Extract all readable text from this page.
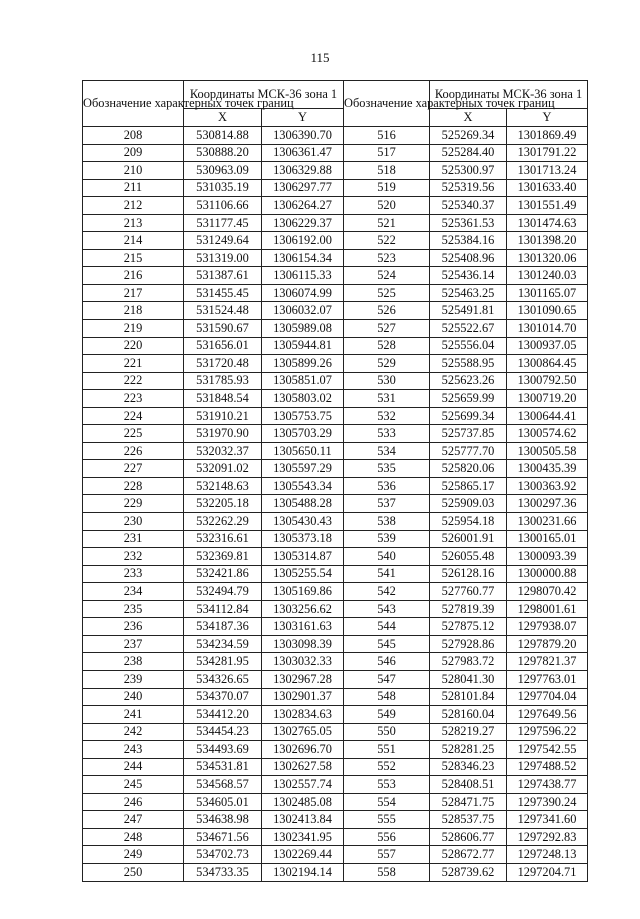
115
Обозначение характерных точек границ	Координаты МСК-36 зона 1		Обозначение характерных точек границ	Координаты МСК-36 зона 1	
	X	Y		X	Y
208	530814.88	1306390.70	516	525269.34	1301869.49
209	530888.20	1306361.47	517	525284.40	1301791.22
210	530963.09	1306329.88	518	525300.97	1301713.24
211	531035.19	1306297.77	519	525319.56	1301633.40
212	531106.66	1306264.27	520	525340.37	1301551.49
213	531177.45	1306229.37	521	525361.53	1301474.63
214	531249.64	1306192.00	522	525384.16	1301398.20
215	531319.00	1306154.34	523	525408.96	1301320.06
216	531387.61	1306115.33	524	525436.14	1301240.03
217	531455.45	1306074.99	525	525463.25	1301165.07
218	531524.48	1306032.07	526	525491.81	1301090.65
219	531590.67	1305989.08	527	525522.67	1301014.70
220	531656.01	1305944.81	528	525556.04	1300937.05
221	531720.48	1305899.26	529	525588.95	1300864.45
222	531785.93	1305851.07	530	525623.26	1300792.50
223	531848.54	1305803.02	531	525659.99	1300719.20
224	531910.21	1305753.75	532	525699.34	1300644.41
225	531970.90	1305703.29	533	525737.85	1300574.62
226	532032.37	1305650.11	534	525777.70	1300505.58
227	532091.02	1305597.29	535	525820.06	1300435.39
228	532148.63	1305543.34	536	525865.17	1300363.92
229	532205.18	1305488.28	537	525909.03	1300297.36
230	532262.29	1305430.43	538	525954.18	1300231.66
231	532316.61	1305373.18	539	526001.91	1300165.01
232	532369.81	1305314.87	540	526055.48	1300093.39
233	532421.86	1305255.54	541	526128.16	1300000.88
234	532494.79	1305169.86	542	527760.77	1298070.42
235	534112.84	1303256.62	543	527819.39	1298001.61
236	534187.36	1303161.63	544	527875.12	1297938.07
237	534234.59	1303098.39	545	527928.86	1297879.20
238	534281.95	1303032.33	546	527983.72	1297821.37
239	534326.65	1302967.28	547	528041.30	1297763.01
240	534370.07	1302901.37	548	528101.84	1297704.04
241	534412.20	1302834.63	549	528160.04	1297649.56
242	534454.23	1302765.05	550	528219.27	1297596.22
243	534493.69	1302696.70	551	528281.25	1297542.55
244	534531.81	1302627.58	552	528346.23	1297488.52
245	534568.57	1302557.74	553	528408.51	1297438.77
246	534605.01	1302485.08	554	528471.75	1297390.24
247	534638.98	1302413.84	555	528537.75	1297341.60
248	534671.56	1302341.95	556	528606.77	1297292.83
249	534702.73	1302269.44	557	528672.77	1297248.13
250	534733.35	1302194.14	558	528739.62	1297204.71
